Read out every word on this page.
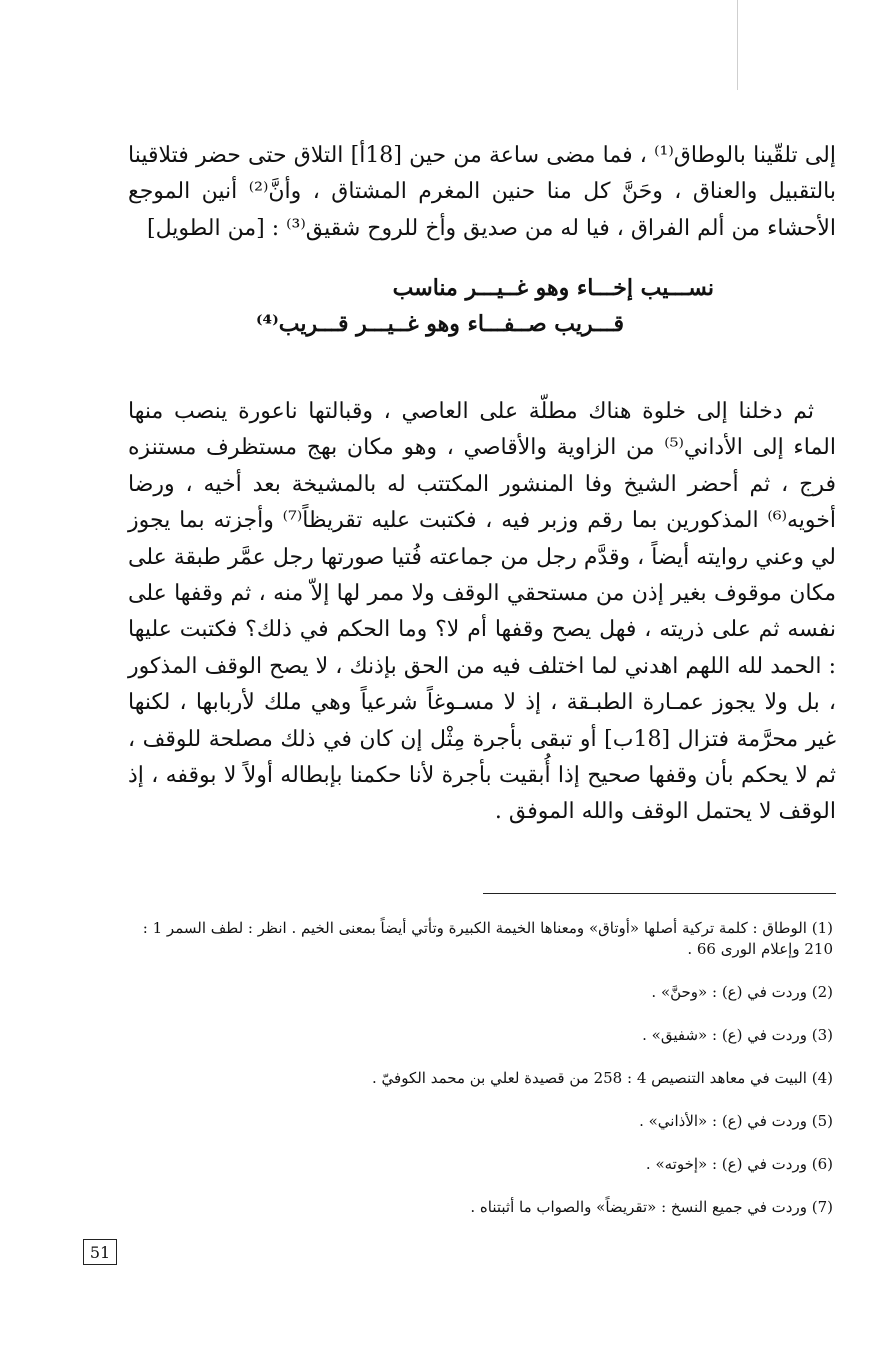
إلى تلقّينا بالوطاق⁽¹⁾ ، فما مضى ساعة من حين [18أ] التلاق حتى حضر فتلاقينا بالتقبيل والعناق ، وحَنَّ كل منا حنين المغرم المشتاق ، وأنَّ⁽²⁾ أنين الموجع الأحشاء من ألم الفراق ، فيا له من صديق وأخ للروح شقيق⁽³⁾ : [من الطويل]

نســـيب إخـــاء وهو غــيـــر مناسب
قـــريب صــفـــاء وهو غــيـــر قـــريب⁽⁴⁾

ثم دخلنا إلى خلوة هناك مطلّة على العاصي ، وقبالتها ناعورة ينصب منها الماء إلى الأداني⁽⁵⁾ من الزاوية والأقاصي ، وهو مكان بهج مستظرف مستنزه فرج ، ثم أحضر الشيخ وفا المنشور المكتتب له بالمشيخة بعد أخيه ، ورضا أخويه⁽⁶⁾ المذكورين بما رقم وزبر فيه ، فكتبت عليه تقريظاً⁽⁷⁾ وأجزته بما يجوز لي وعني روايته أيضاً ، وقدَّم رجل من جماعته فُتيا صورتها رجل عمَّر طبقة على مكان موقوف بغير إذن من مستحقي الوقف ولا ممر لها إلاّ منه ، ثم وقفها على نفسه ثم على ذريته ، فهل يصح وقفها أم لا؟ وما الحكم في ذلك؟ فكتبت عليها : الحمد لله اللهم اهدني لما اختلف فيه من الحق بإذنك ، لا يصح الوقف المذكور ، بل ولا يجوز عمـارة الطبـقة ، إذ لا مسـوغاً شرعياً وهي ملك لأربابها ، لكنها غير محرَّمة فتزال [18ب] أو تبقى بأجرة مِثْل إن كان في ذلك مصلحة للوقف ، ثم لا يحكم بأن وقفها صحيح إذا أُبقيت بأجرة لأنا حكمنا بإبطاله أولاً لا بوقفه ، إذ الوقف لا يحتمل الوقف والله الموفق .

(1) الوطاق : كلمة تركية أصلها «أوتاق» ومعناها الخيمة الكبيرة وتأتي أيضاً بمعنى الخيم . انظر : لطف السمر 1 : 210 وإعلام الورى 66 .

(2) وردت في (ع) : «وحنَّ» .

(3) وردت في (ع) : «شفيق» .

(4) البيت في معاهد التنصيص 4 : 258 من قصيدة لعلي بن محمد الكوفيّ .

(5) وردت في (ع) : «الأذاني» .

(6) وردت في (ع) : «إخوته» .

(7) وردت في جميع النسخ : «تقريضاً» والصواب ما أثبتناه .

51
